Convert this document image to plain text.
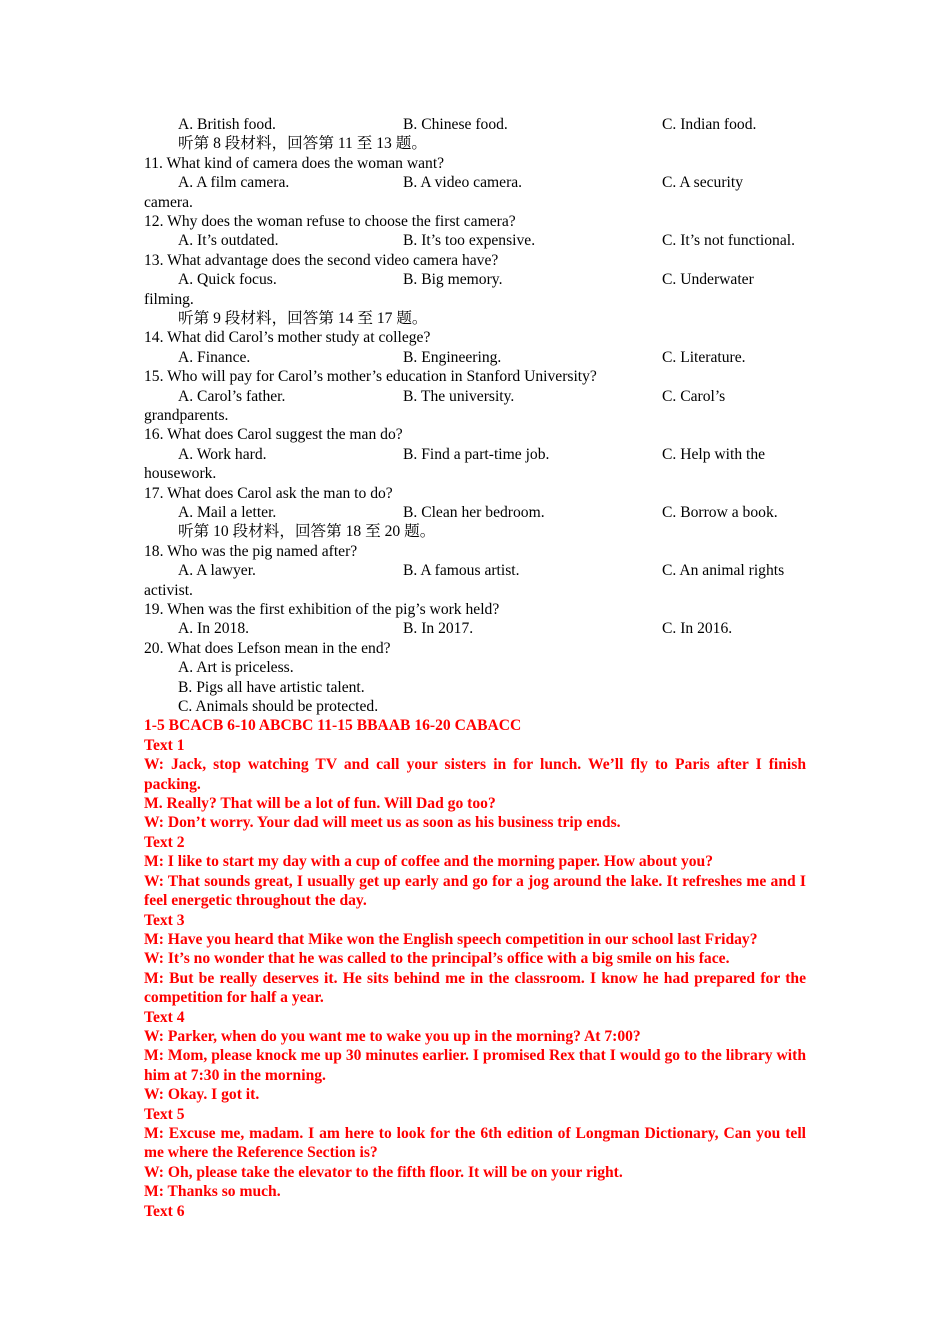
A. British food.	B. Chinese food.	C. Indian food.

听第 8 段材料，回答第 11 至 13 题。

11. What kind of camera does the woman want?

A. A film camera.	B. A video camera.	C. A security

camera.

12. Why does the woman refuse to choose the first camera?

A. It’s outdated.	B. It’s too expensive.	C. It’s not functional.

13. What advantage does the second video camera have?

A. Quick focus.	B. Big memory.	C. Underwater

filming.

听第 9 段材料，回答第 14 至 17 题。

14. What did Carol’s mother study at college?

A. Finance.	B. Engineering.	C. Literature.

15. Who will pay for Carol’s mother’s education in Stanford University?

A. Carol’s father.	B. The university.	C. Carol’s

grandparents.

16. What does Carol suggest the man do?

A. Work hard.	B. Find a part-time job.	C. Help with the

housework.

17. What does Carol ask the man to do?

A. Mail a letter.	B. Clean her bedroom.	C. Borrow a book.

听第 10 段材料，回答第 18 至 20 题。

18. Who was the pig named after?

A. A lawyer.	B. A famous artist.	C. An animal rights

activist.

19. When was the first exhibition of the pig’s work held?

A. In 2018.	B. In 2017.	C. In 2016.

20. What does Lefson mean in the end?

A. Art is priceless.

B. Pigs all have artistic talent.

C. Animals should be protected.

1-5 BCACB 6-10 ABCBC 11-15 BBAAB 16-20 CABACC

Text 1

W: Jack, stop watching TV and call your sisters in for lunch. We’ll fly to Paris after I finish packing.

M. Really? That will be a lot of fun. Will Dad go too?

W: Don’t worry. Your dad will meet us as soon as his business trip ends.

Text 2

M: I like to start my day with a cup of coffee and the morning paper. How about you?

W: That sounds great, I usually get up early and go for a jog around the lake. It refreshes me and I feel energetic throughout the day.

Text 3

M: Have you heard that Mike won the English speech competition in our school last Friday?

W: It’s no wonder that he was called to the principal’s office with a big smile on his face.

M: But be really deserves it. He sits behind me in the classroom. I know he had prepared for the competition for half a year.

Text 4

W: Parker, when do you want me to wake you up in the morning? At 7:00?

M: Mom, please knock me up 30 minutes earlier. I promised Rex that I would go to the library with him at 7:30 in the morning.

W: Okay. I got it.

Text 5

M: Excuse me, madam. I am here to look for the 6th edition of Longman Dictionary, Can you tell me where the Reference Section is?

W: Oh, please take the elevator to the fifth floor. It will be on your right.

M: Thanks so much.

Text 6
